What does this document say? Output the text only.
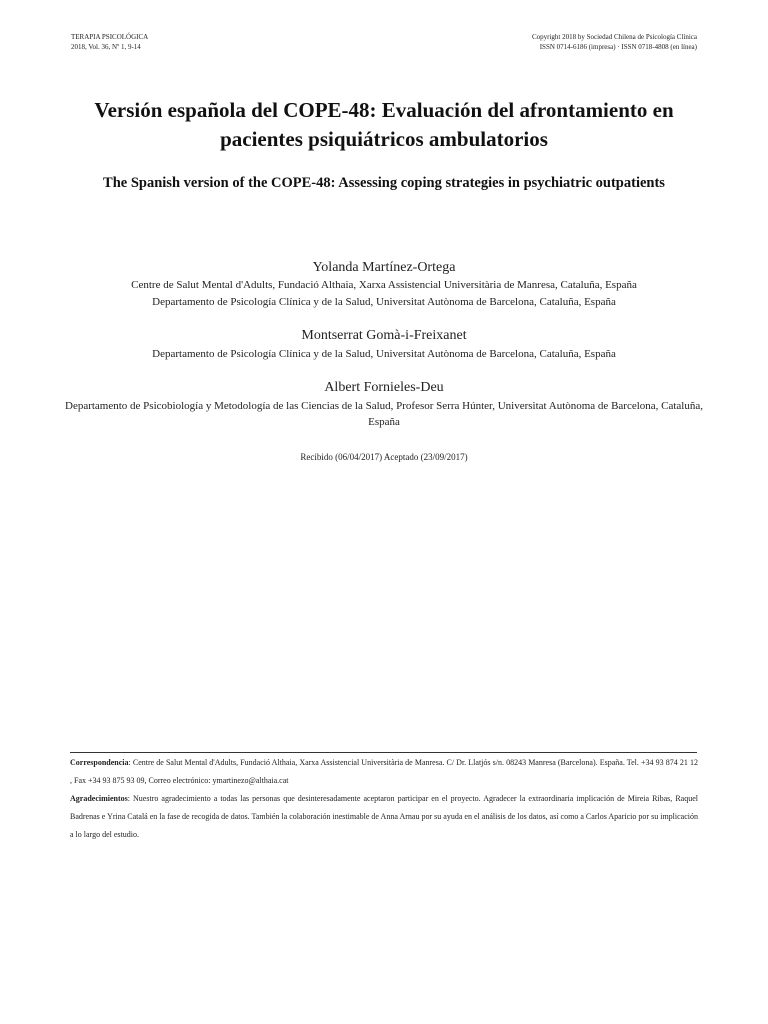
TERAPIA PSICOLÓGICA
2018, Vol. 36, Nº 1, 9-14
Copyright 2018 by Sociedad Chilena de Psicología Clínica
ISSN 0714-6186 (impresa) · ISSN 0718-4808 (en línea)
Versión española del COPE-48: Evaluación del afrontamiento en pacientes psiquiátricos ambulatorios
The Spanish version of the COPE-48: Assessing coping strategies in psychiatric outpatients
Yolanda Martínez-Ortega
Centre de Salut Mental d'Adults, Fundació Althaia, Xarxa Assistencial Universitària de Manresa, Cataluña, España
Departamento de Psicología Clínica y de la Salud, Universitat Autònoma de Barcelona, Cataluña, España
Montserrat Gomà-i-Freixanet
Departamento de Psicología Clínica y de la Salud, Universitat Autònoma de Barcelona, Cataluña, España
Albert Fornieles-Deu
Departamento de Psicobiología y Metodología de las Ciencias de la Salud, Profesor Serra Húnter, Universitat Autònoma de Barcelona, Cataluña, España
Recibido (06/04/2017) Aceptado (23/09/2017)
Correspondencia: Centre de Salut Mental d'Adults, Fundació Althaia, Xarxa Assistencial Universitària de Manresa. C/ Dr. Llatjós s/n. 08243 Manresa (Barcelona). España. Tel. +34 93 874 21 12 , Fax +34 93 875 93 09, Correo electrónico: ymartinezo@althaia.cat
Agradecimientos: Nuestro agradecimiento a todas las personas que desinteresadamente aceptaron participar en el proyecto. Agradecer la extraordinaria implicación de Mireia Ribas, Raquel Badrenas e Yrina Catalá en la fase de recogida de datos. También la colaboración inestimable de Anna Arnau por su ayuda en el análisis de los datos, así como a Carlos Aparicio por su implicación a lo largo del estudio.
